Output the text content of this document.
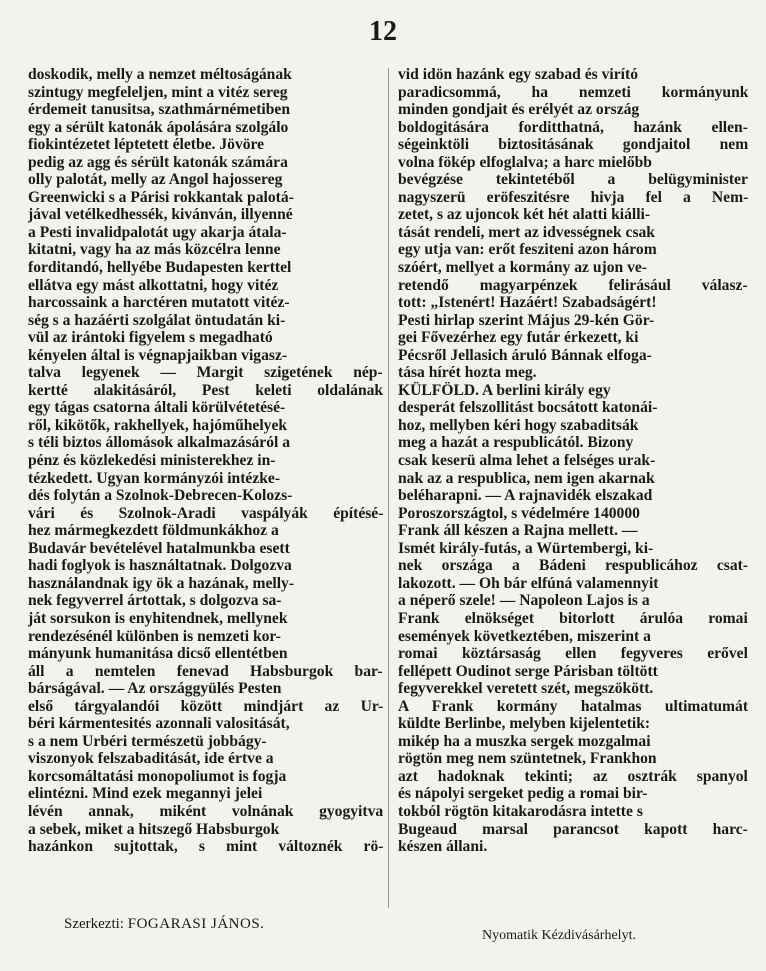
12
doskodik, melly a nemzet méltoságának
szintugy megfeleljen, mint a vitéz sereg
érdemeit tanusitsa, szathmárnémetiben
egy a sérült katonák ápolására szolgálo
fiokintézetet léptetett életbe. Jövöre
pedig az agg és sérült katonák számára
olly palotát, melly az Angol hajossereg
Greenwicki s a Párisi rokkantak palotá-
jával vetélkedhessék, kivánván, illyenné
a Pesti invalidpalotát ugy akarja átala-
kitatni, vagy ha az más közcélra lenne
forditandó, hellyébe Budapesten kerttel
ellátva egy mást alkottatni, hogy vitéz
harcossaink a harctéren mutatott vitéz-
ség s a hazáérti szolgálat öntudatán ki-
vül az irántoki figyelem s megadható
kényelen által is végnapjaikban vigasz-
talva legyenek — Margit szigetének nép-
kertté alakitásáról, Pest keleti oldalának
egy tágas csatorna általi körülvétetésé-
ről, kikötők, rakhellyek, hajóműhelyek
s téli biztos állomások alkalmazásáról a
pénz és közlekedési ministerekhez in-
tézkedett. Ugyan kormányzói intézke-
dés folytán a Szolnok-Debrecen-Kolozs-
vári és Szolnok-Aradi vaspályák építésé-
hez mármegkezdett földmunkákhoz a
Budavár bevételével hatalmunkba esett
hadi foglyok is használtatnak. Dolgozva
használandnak igy ök a hazának, melly-
nek fegyverrel ártottak, s dolgozva sa-
ját sorsukon is enyhitendnek, mellynek
rendezésénél különben is nemzeti kor-
mányunk humanitása dicső ellentétben
áll a nemtelen fenevad Habsburgok bar-
bárságával. — Az országgyülés Pesten
első tárgyalandói között mindjárt az Ur-
béri kármentesités azonnali valositását,
s a nem Urbéri természetü jobbágy-
viszonyok felszabaditását, ide értve a
korcsomáltatási monopoliumot is fogja
elintézni. Mind ezek megannyi jelei
lévén annak, miként volnának gyogyitva
a sebek, miket a hitszegő Habsburgok
hazánkon sujtottak, s mint változnék rö-
vid idön hazánk egy szabad és virító
paradicsommá, ha nemzeti kormányunk
minden gondjait és erélyét az ország
boldogitására forditthatná, hazánk ellen-
ségeinktöli biztositásának gondjaitol nem
volna fökép elfoglalva; a harc mielőbb
bevégzése tekintetéből a belügyminister
nagyszerü eröfeszitésre hivja fel a Nem-
zetet, s az ujoncok két hét alatti kiálli-
tását rendeli, mert az idvességnek csak
egy utja van: erőt fesziteni azon három
szóért, mellyet a kormány az ujon ve-
retendő magyarpénzek felirásául válasz-
tott: „Istenért! Hazáért! Szabadságért!
Pesti hirlap szerint Május 29-kén Gör-
gei Fővezérhez egy futár érkezett, ki
Pécsről Jellasich áruló Bánnak elfoga-
tása hírét hozta meg.
KÜLFÖLD. A berlini király egy
desperát felszollitást bocsátott katonái-
hoz, mellyben kéri hogy szabaditsák
meg a hazát a respublicától. Bizony
csak keserü alma lehet a felséges urak-
nak az a respublica, nem igen akarnak
beléharapni. — A rajnavidék elszakad
Poroszországtol, s védelmére 140000
Frank áll készen a Rajna mellett. —
Ismét király-futás, a Würtembergi, ki-
nek országa a Bádeni respublicához csat-
lakozott. — Oh bár elfúná valamennyit
a néperő szele! — Napoleon Lajos is a
Frank elnökséget bitorlott árulóa romai
események következtében, miszerint a
romai köztársaság ellen fegyveres erővel
fellépett Oudinot serge Párisban töltött
fegyverekkel veretett szét, megszökött.
A Frank kormány hatalmas ultimatumát
küldte Berlinbe, melyben kijelentetik:
mikép ha a muszka sergek mozgalmai
rögtön meg nem szüntetnek, Frankhon
azt hadoknak tekinti; az osztrák spanyol
és nápolyi sergeket pedig a romai bir-
tokból rögtön kitakarodásra intette s
Bugeaud marsal parancsot kapott harc-
készen állani.
Szerkezti: FOGARASI JÁNOS.
Nyomatik Kézdivásárhelyt.
